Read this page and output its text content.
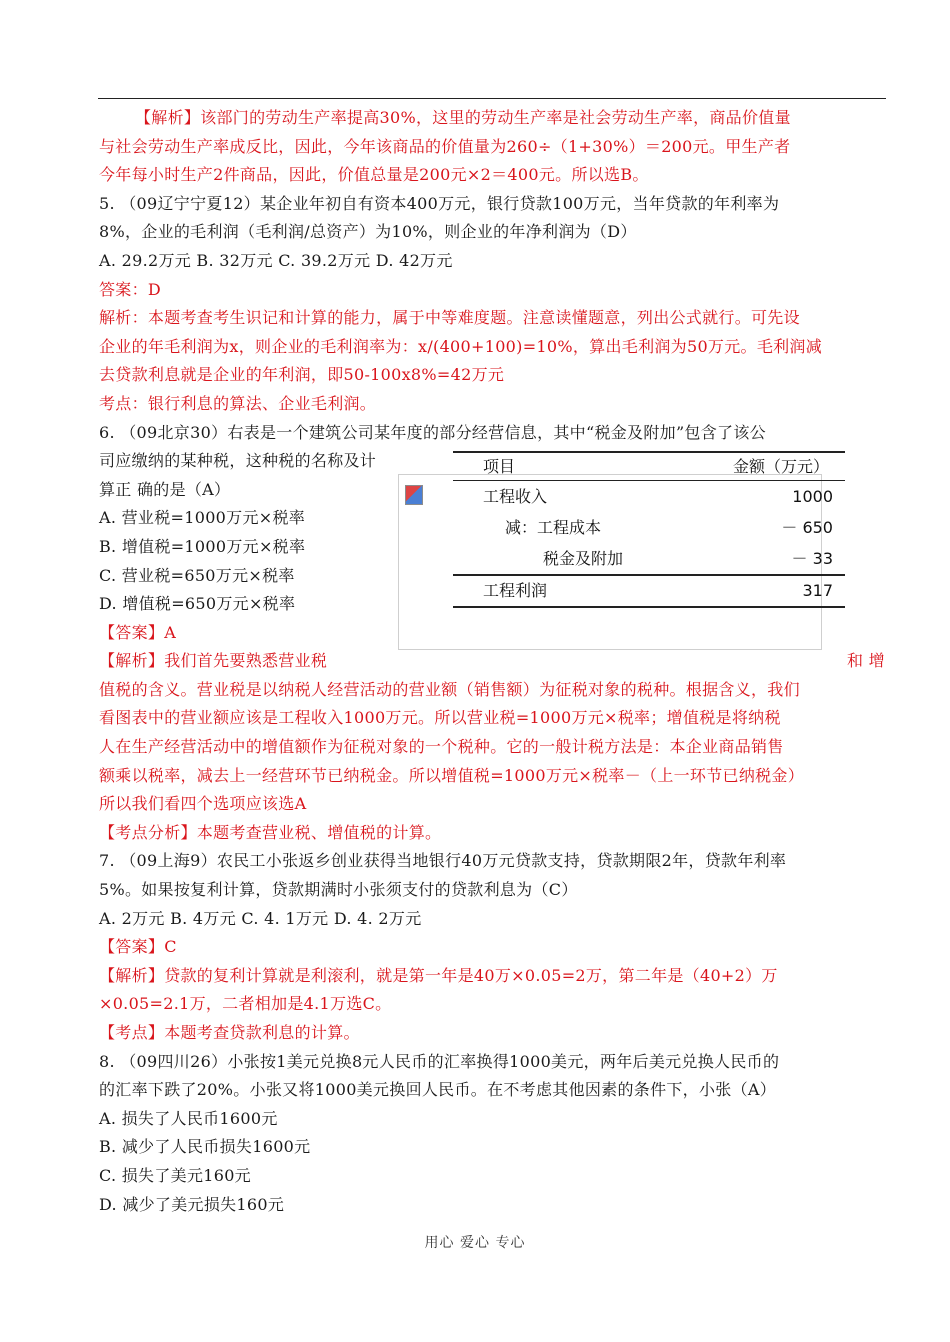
【解析】该部门的劳动生产率提高30%，这里的劳动生产率是社会劳动生产率，商品价值量
与社会劳动生产率成反比，因此，今年该商品的价值量为260÷（1+30%）＝200元。甲生产者
今年每小时生产2件商品，因此，价值总量是200元×2＝400元。所以选B。
5. （09辽宁宁夏12）某企业年初自有资本400万元，银行贷款100万元，当年贷款的年利率为
8%，企业的毛利润（毛利润/总资产）为10%，则企业的年净利润为（D）
A. 29.2万元 B. 32万元 C. 39.2万元 D. 42万元
答案：D
解析：本题考查考生识记和计算的能力，属于中等难度题。注意读懂题意，列出公式就行。可先设
企业的年毛利润为x，则企业的毛利润率为：x/(400+100)=10%，算出毛利润为50万元。毛利润减
去贷款利息就是企业的年利润，即50-100x8%=42万元
考点：银行利息的算法、企业毛利润。
6. （09北京30）右表是一个建筑公司某年度的部分经营信息，其中“税金及附加”包含了该公
司应缴纳的某种税，这种税的名称及计
算正 确的是（A）
A. 营业税=1000万元×税率
B. 增值税=1000万元×税率
C. 营业税=650万元×税率
D. 增值税=650万元×税率
【答案】A
【解析】我们首先要熟悉营业税	和 增
值税的含义。营业税是以纳税人经营活动的营业额（销售额）为征税对象的税种。根据含义，我们
看图表中的营业额应该是工程收入1000万元。所以营业税=1000万元×税率；增值税是将纳税
人在生产经营活动中的增值额作为征税对象的一个税种。它的一般计税方法是：本企业商品销售
额乘以税率，减去上一经营环节已纳税金。所以增值税=1000万元×税率－（上一环节已纳税金）
所以我们看四个选项应该选A
【考点分析】本题考查营业税、增值税的计算。
7. （09上海9）农民工小张返乡创业获得当地银行40万元贷款支持，贷款期限2年，贷款年利率
5%。如果按复利计算，贷款期满时小张须支付的贷款利息为（C）
A. 2万元 B. 4万元 C. 4. 1万元 D. 4. 2万元
【答案】C
【解析】贷款的复利计算就是利滚利，就是第一年是40万×0.05=2万，第二年是（40+2）万
×0.05=2.1万，二者相加是4.1万选C。
【考点】本题考查贷款利息的计算。
8. （09四川26）小张按1美元兑换8元人民币的汇率换得1000美元，两年后美元兑换人民币的
的汇率下跌了20%。小张又将1000美元换回人民币。在不考虑其他因素的条件下，小张（A）
A. 损失了人民币1600元
B. 减少了人民币损失1600元
C. 损失了美元160元
D. 减少了美元损失160元
项目	金额（万元）
工程收入	1000
减：工程成本	－ 650
税金及附加	－ 33
工程利润	317
用心 爱心 专心
